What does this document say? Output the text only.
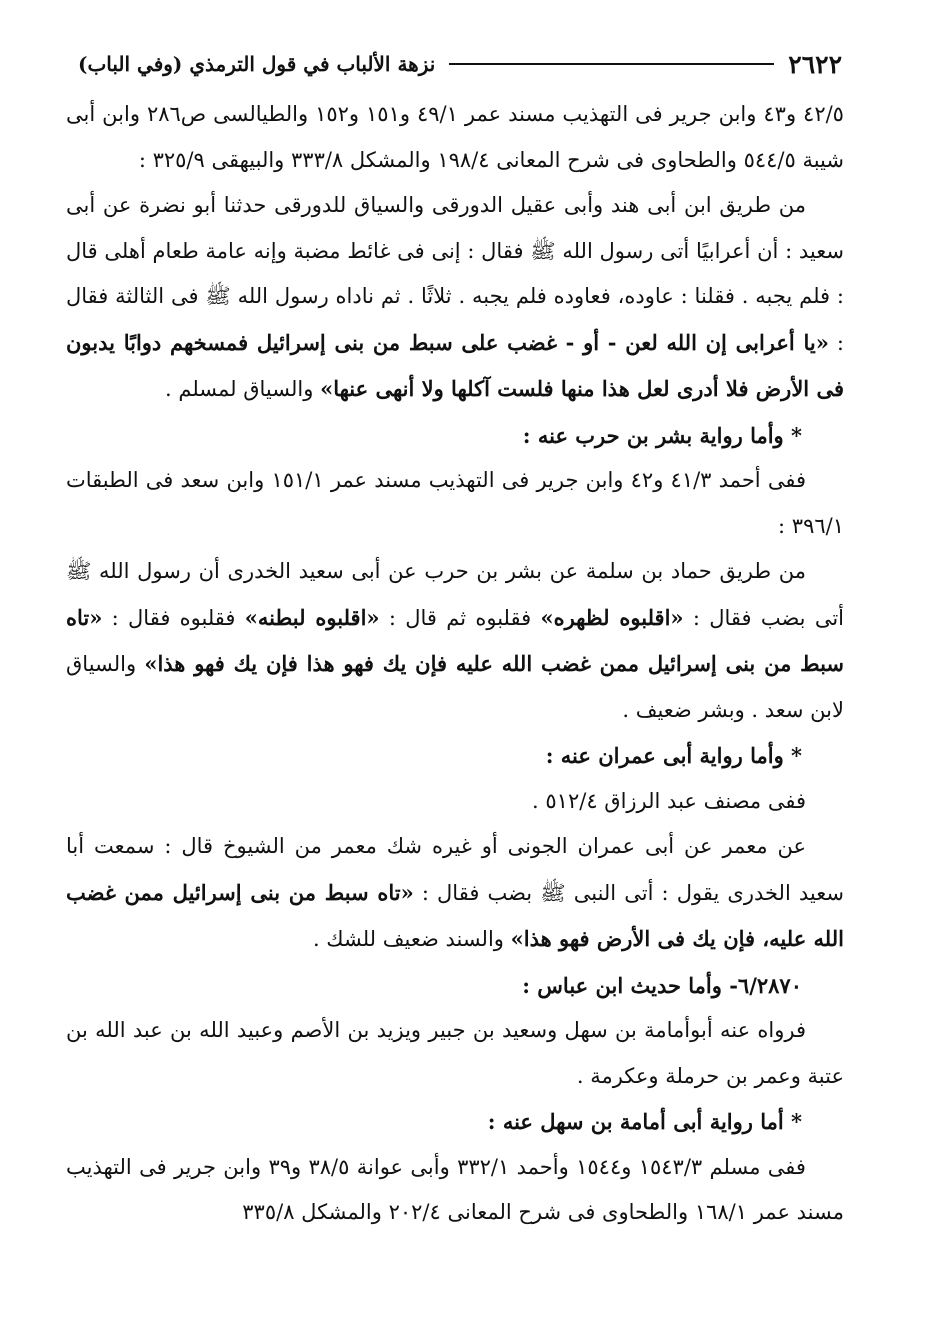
٢٦٢٢
نزهة الألباب في قول الترمذي (وفي الباب)

٤٢/٥ و٤٣ وابن جرير فى التهذيب مسند عمر ٤٩/١ و١٥١ و١٥٢ والطيالسى ص٢٨٦ وابن أبى شيبة ٥٤٤/٥ والطحاوى فى شرح المعانى ١٩٨/٤ والمشكل ٣٣٣/٨ والبيهقى ٣٢٥/٩ :

من طريق ابن أبى هند وأبى عقيل الدورقى والسياق للدورقى حدثنا أبو نضرة عن أبى سعيد : أن أعرابيًا أتى رسول الله ﷺ فقال : إنى فى غائط مضبة وإنه عامة طعام أهلى قال : فلم يجبه . فقلنا : عاوده، فعاوده فلم يجبه . ثلاثًا . ثم ناداه رسول الله ﷺ فى الثالثة فقال : «يا أعرابى إن الله لعن - أو - غضب على سبط من بنى إسرائيل فمسخهم دوابًا يدبون فى الأرض فلا أدرى لعل هذا منها فلست آكلها ولا أنهى عنها» والسياق لمسلم .

* وأما رواية بشر بن حرب عنه :

ففى أحمد ٤١/٣ و٤٢ وابن جرير فى التهذيب مسند عمر ١٥١/١ وابن سعد فى الطبقات ٣٩٦/١ :

من طريق حماد بن سلمة عن بشر بن حرب عن أبى سعيد الخدرى أن رسول الله ﷺ أتى بضب فقال : «اقلبوه لظهره» فقلبوه ثم قال : «اقلبوه لبطنه» فقلبوه فقال : «تاه سبط من بنى إسرائيل ممن غضب الله عليه فإن يك فهو هذا فإن يك فهو هذا» والسياق لابن سعد . وبشر ضعيف .

* وأما رواية أبى عمران عنه :

ففى مصنف عبد الرزاق ٥١٢/٤ .

عن معمر عن أبى عمران الجونى أو غيره شك معمر من الشيوخ قال : سمعت أبا سعيد الخدرى يقول : أتى النبى ﷺ بضب فقال : «تاه سبط من بنى إسرائيل ممن غضب الله عليه، فإن يك فى الأرض فهو هذا» والسند ضعيف للشك .

٦/٢٨٧٠- وأما حديث ابن عباس :

فرواه عنه أبوأمامة بن سهل وسعيد بن جبير ويزيد بن الأصم وعبيد الله بن عبد الله بن عتبة وعمر بن حرملة وعكرمة .

* أما رواية أبى أمامة بن سهل عنه :

ففى مسلم ١٥٤٣/٣ و١٥٤٤ وأحمد ٣٣٢/١ وأبى عوانة ٣٨/٥ و٣٩ وابن جرير فى التهذيب مسند عمر ١٦٨/١ والطحاوى فى شرح المعانى ٢٠٢/٤ والمشكل ٣٣٥/٨
